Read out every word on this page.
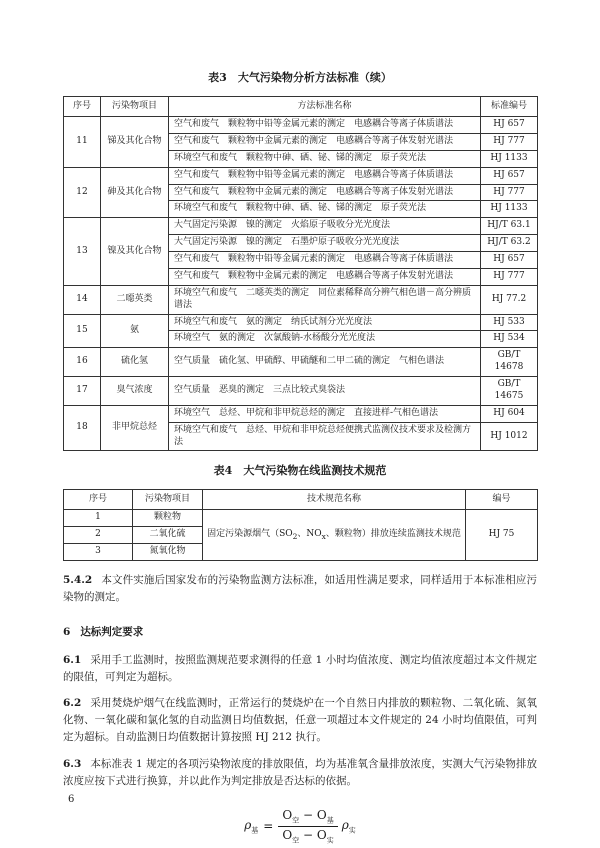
表3　大气污染物分析方法标准（续）
序号	污染物项目	方法标准名称	标准编号
11	锑及其化合物	空气和废气　颗粒物中铅等金属元素的测定　电感耦合等离子体质谱法	HJ 657
		空气和废气　颗粒物中金属元素的测定　电感耦合等离子体发射光谱法	HJ 777
		环境空气和废气　颗粒物中砷、硒、铋、锑的测定　原子荧光法	HJ 1133
12	砷及其化合物	空气和废气　颗粒物中铅等金属元素的测定　电感耦合等离子体质谱法	HJ 657
		空气和废气　颗粒物中金属元素的测定　电感耦合等离子体发射光谱法	HJ 777
		环境空气和废气　颗粒物中砷、硒、铋、锑的测定　原子荧光法	HJ 1133
13	镍及其化合物	大气固定污染源　镍的测定　火焰原子吸收分光光度法	HJ/T 63.1
		大气固定污染源　镍的测定　石墨炉原子吸收分光光度法	HJ/T 63.2
		空气和废气　颗粒物中铅等金属元素的测定　电感耦合等离子体质谱法	HJ 657
		空气和废气　颗粒物中金属元素的测定　电感耦合等离子体发射光谱法	HJ 777
14	二噁英类	环境空气和废气　二噁英类的测定　同位素稀释高分辨气相色谱－高分辨质谱法	HJ 77.2
15	氨	环境空气和废气　氨的测定　纳氏试剂分光光度法	HJ 533
		环境空气　氨的测定　次氯酸钠-水杨酸分光光度法	HJ 534
16	硫化氢	空气质量　硫化氢、甲硫醇、甲硫醚和二甲二硫的测定　气相色谱法	GB/T 14678
17	臭气浓度	空气质量　恶臭的测定　三点比较式臭袋法	GB/T 14675
18	非甲烷总烃	环境空气　总烃、甲烷和非甲烷总烃的测定　直接进样-气相色谱法	HJ 604
		环境空气和废气　总烃、甲烷和非甲烷总烃便携式监测仪技术要求及检测方法	HJ 1012
表4　大气污染物在线监测技术规范
序号	污染物项目	技术规范名称	编号
1	颗粒物	固定污染源烟气（$SO_2$、$NO_x$、颗粒物）排放连续监测技术规范	HJ 75
2	二氧化硫		
3	氮氧化物		

5.4.2 本文件实施后国家发布的污染物监测方法标准，如适用性满足要求，同样适用于本标准相应污染物的测定。

6 达标判定要求

6.1 采用手工监测时，按照监测规范要求测得的任意 1 小时均值浓度、测定均值浓度超过本文件规定的限值，可判定为超标。

6.2 采用焚烧炉烟气在线监测时，正常运行的焚烧炉在一个自然日内排放的颗粒物、二氧化硫、氮氧化物、一氧化碳和氯化氢的自动监测日均值数据，任意一项超过本文件规定的 24 小时均值限值，可判定为超标。自动监测日均值数据计算按照 HJ 212 执行。

6.3 本标准表 1 规定的各项污染物浓度的排放限值，均为基准氧含量排放浓度，实测大气污染物排放浓度应按下式进行换算，并以此作为判定排放是否达标的依据。

$\rho_基 = \frac{O_空 - O_基}{O_空 - O_实} \rho_实$
6
